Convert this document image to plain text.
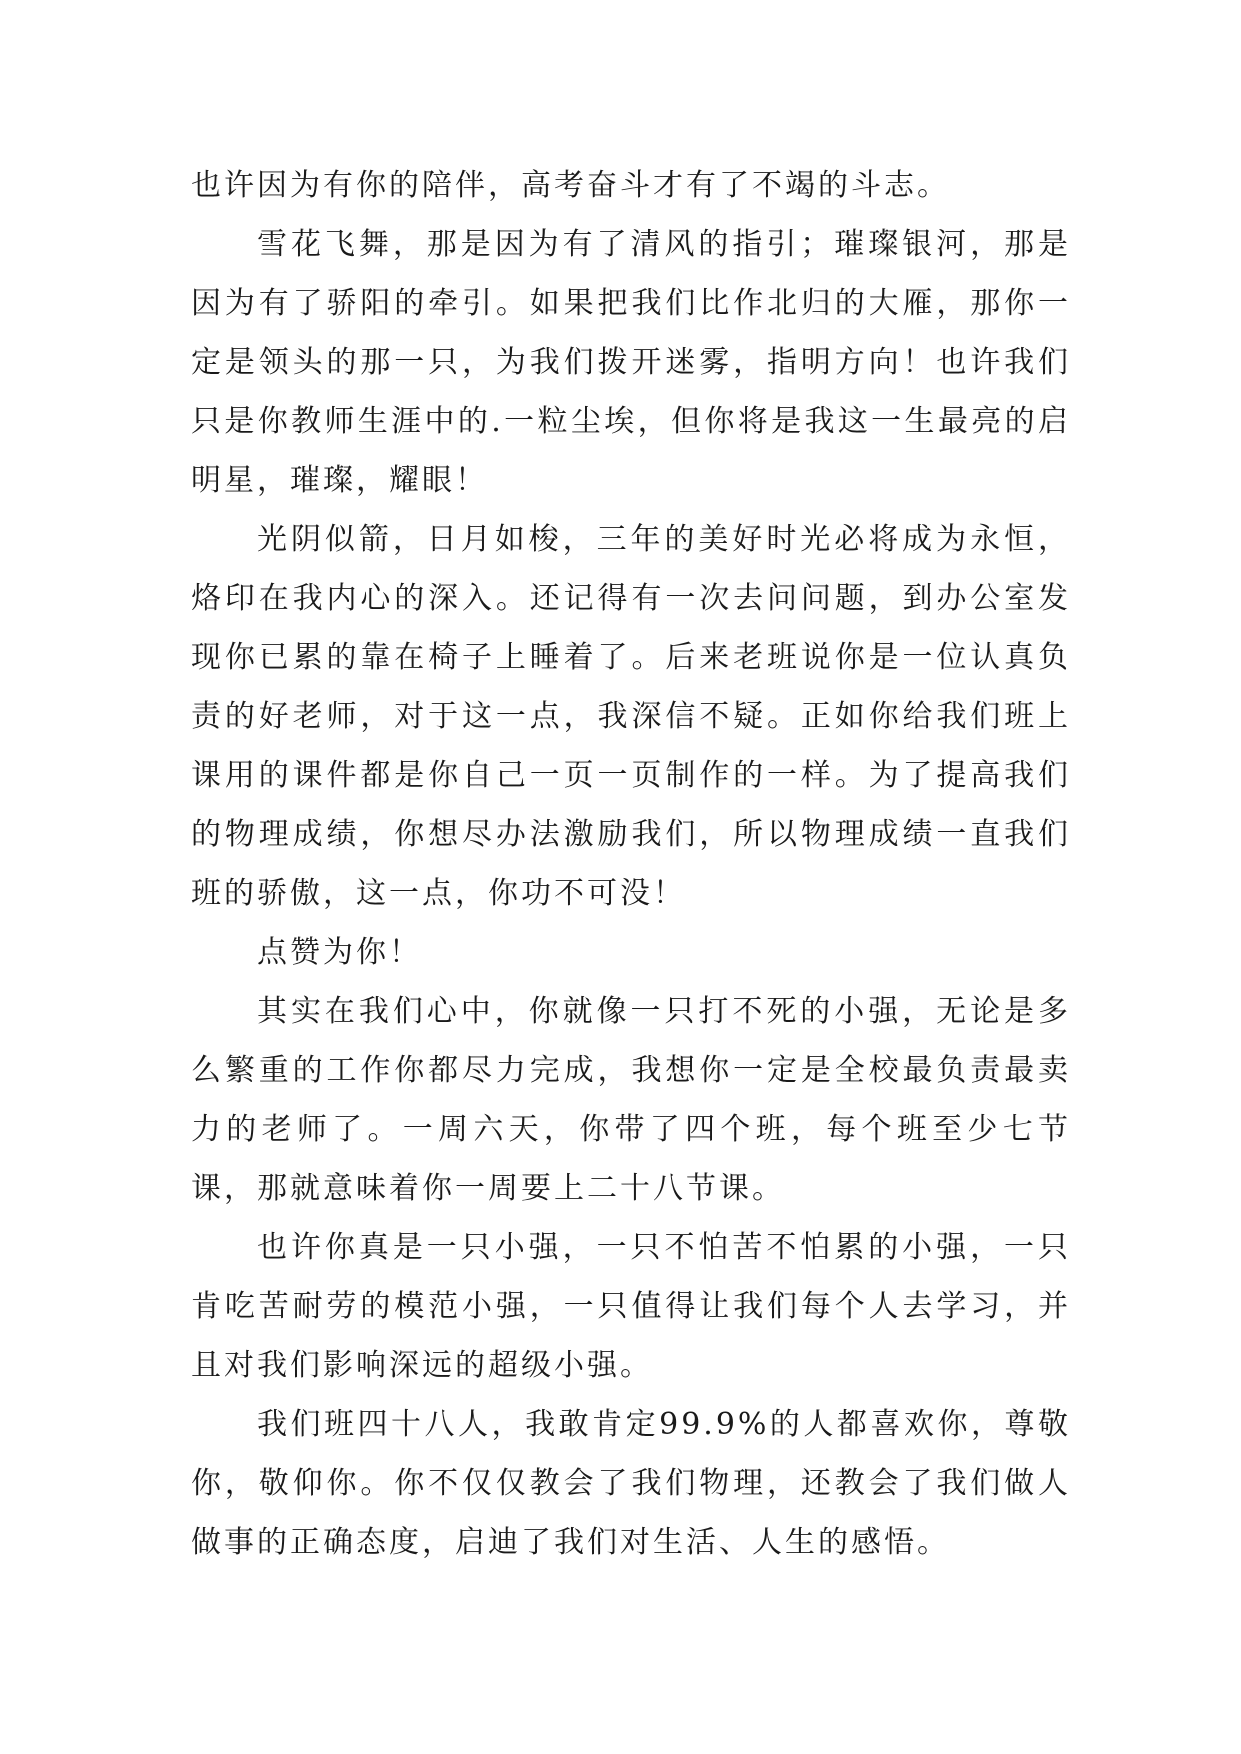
也许因为有你的陪伴，高考奋斗才有了不竭的斗志。

雪花飞舞，那是因为有了清风的指引；璀璨银河，那是因为有了骄阳的牵引。如果把我们比作北归的大雁，那你一定是领头的那一只，为我们拨开迷雾，指明方向！也许我们只是你教师生涯中的.一粒尘埃，但你将是我这一生最亮的启明星，璀璨，耀眼！

光阴似箭，日月如梭，三年的美好时光必将成为永恒，烙印在我内心的深入。还记得有一次去问问题，到办公室发现你已累的靠在椅子上睡着了。后来老班说你是一位认真负责的好老师，对于这一点，我深信不疑。正如你给我们班上课用的课件都是你自己一页一页制作的一样。为了提高我们的物理成绩，你想尽办法激励我们，所以物理成绩一直我们班的骄傲，这一点，你功不可没！

点赞为你！

其实在我们心中，你就像一只打不死的小强，无论是多么繁重的工作你都尽力完成，我想你一定是全校最负责最卖力的老师了。一周六天，你带了四个班，每个班至少七节课，那就意味着你一周要上二十八节课。

也许你真是一只小强，一只不怕苦不怕累的小强，一只肯吃苦耐劳的模范小强，一只值得让我们每个人去学习，并且对我们影响深远的超级小强。

我们班四十八人，我敢肯定99.9%的人都喜欢你，尊敬你，敬仰你。你不仅仅教会了我们物理，还教会了我们做人做事的正确态度，启迪了我们对生活、人生的感悟。
